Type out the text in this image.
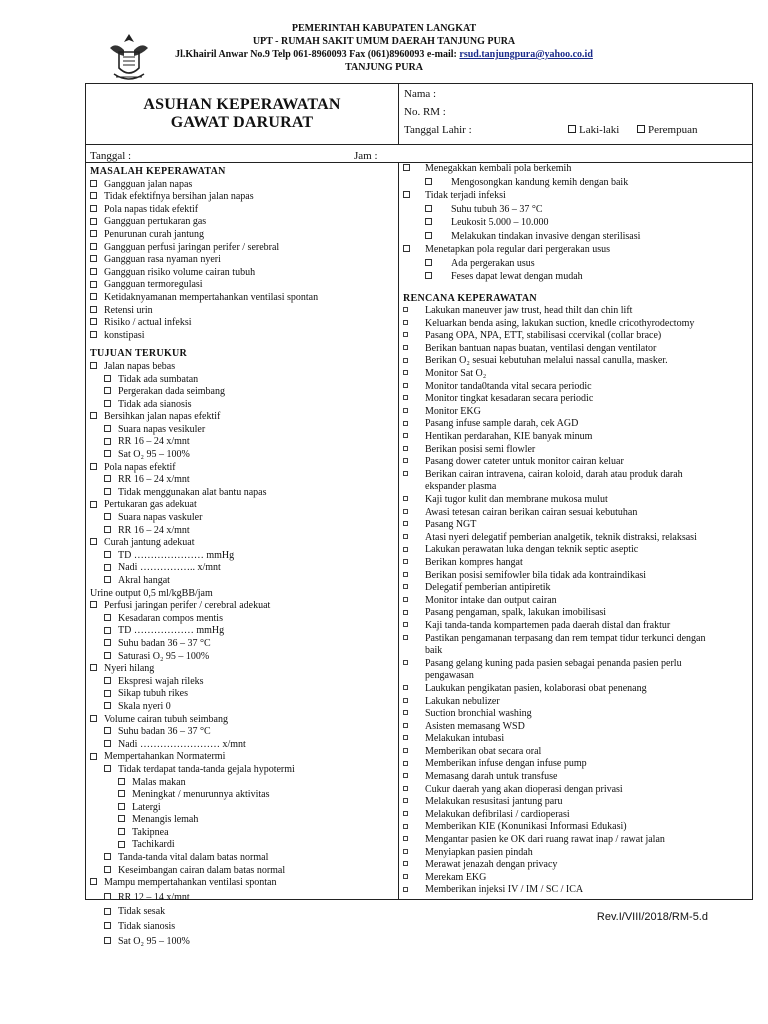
PEMERINTAH KABUPATEN LANGKAT
UPT - RUMAH SAKIT UMUM DAERAH TANJUNG PURA
Jl.Khairil Anwar No.9 Telp 061-8960093 Fax (061)8960093 e-mail: rsud.tanjungpura@yahoo.co.id
TANJUNG PURA
ASUHAN KEPERAWATAN
GAWAT DARURAT
Nama :
No. RM :
Tanggal Lahir :	Laki-laki	Perempuan
Tanggal :	Jam :
MASALAH KEPERAWATAN
Gangguan jalan napas
Tidak efektifnya bersihan jalan napas
Pola napas tidak efektif
Gangguan pertukaran gas
Penurunan curah jantung
Gangguan perfusi jaringan perifer / serebral
Gangguan rasa nyaman nyeri
Gangguan risiko volume cairan tubuh
Gangguan termoregulasi
Ketidaknyamanan mempertahankan ventilasi spontan
Retensi urin
Risiko / actual infeksi
konstipasi
TUJUAN TERUKUR
Jalan napas bebas
Tidak ada sumbatan
Pergerakan dada seimbang
Tidak ada sianosis
Bersihkan jalan napas efektif
Suara napas vesikuler
RR 16 – 24 x/mnt
Sat O₂ 95 – 100%
Pola napas efektif
RR 16 – 24 x/mnt
Tidak menggunakan alat bantu napas
Pertukaran gas adekuat
Suara napas vaskuler
RR 16 – 24 x/mnt
Curah jantung adekuat
TD ………………… mmHg
Nadi …………….. x/mnt
Akral hangat
Urine output 0,5 ml/kgBB/jam
Perfusi jaringan perifer / cerebral adekuat
Kesadaran compos mentis
TD ……………… mmHg
Suhu badan 36 – 37 °C
Saturasi O₂ 95 – 100%
Nyeri hilang
Ekspresi wajah rileks
Sikap tubuh rikes
Skala nyeri 0
Volume cairan tubuh seimbang
Suhu badan 36 – 37 °C
Nadi …………………… x/mnt
Mempertahankan Normatermi
Tidak terdapat tanda-tanda gejala hypotermi
Malas makan
Meningkat / menurunnya aktivitas
Latergi
Menangis lemah
Takipnea
Tachikardi
Tanda-tanda vital dalam batas normal
Keseimbangan cairan dalam batas normal
Mampu mempertahankan ventilasi spontan
RR 12 – 14 x/mnt
Tidak sesak
Tidak sianosis
Sat O₂ 95 – 100%
Menegakkan kembali pola berkemih
Mengosongkan kandung kemih dengan baik
Tidak terjadi infeksi
Suhu tubuh 36 – 37 °C
Leukosit 5.000 – 10.000
Melakukan tindakan invasive dengan sterilisasi
Menetapkan pola regular dari pergerakan usus
Ada pergerakan usus
Feses dapat lewat dengan mudah
RENCANA KEPERAWATAN
Lakukan maneuver jaw trust, head thilt dan chin lift
Keluarkan benda asing, lakukan suction, knedle cricothyrodectomy
Pasang OPA, NPA, ETT, stabilisasi ccervikal (collar brace)
Berikan bantuan napas buatan, ventilasi dengan ventilator
Berikan O₂ sesuai kebutuhan melalui nassal canulla, masker.
Monitor Sat O₂
Monitor tanda0tanda vital secara periodic
Monitor tingkat kesadaran secara periodic
Monitor EKG
Pasang infuse sample darah, cek AGD
Hentikan perdarahan, KIE banyak minum
Berikan posisi semi flowler
Pasang dower cateter untuk monitor cairan keluar
Berikan cairan intravena, cairan koloid, darah atau produk darah ekspander plasma
Kaji tugor kulit dan membrane mukosa mulut
Awasi tetesan cairan berikan cairan sesuai kebutuhan
Pasang NGT
Atasi nyeri delegatif pemberian analgetik, teknik distraksi, relaksasi
Lakukan perawatan luka dengan teknik septic aseptic
Berikan kompres hangat
Berikan posisi semifowler bila tidak ada kontraindikasi
Delegatif pemberian antipiretik
Monitor intake dan output cairan
Pasang pengaman, spalk, lakukan imobilisasi
Kaji tanda-tanda kompartemen pada daerah distal dan fraktur
Pastikan pengamanan terpasang dan rem tempat tidur terkunci dengan baik
Pasang gelang kuning pada pasien sebagai penanda pasien perlu pengawasan
Laukukan pengikatan pasien, kolaborasi obat penenang
Lakukan nebulizer
Suction bronchial washing
Asisten memasang WSD
Melakukan intubasi
Memberikan obat secara oral
Memberikan infuse dengan infuse pump
Memasang darah untuk transfuse
Cukur daerah yang akan dioperasi dengan privasi
Melakukan resusitasi jantung paru
Melakukan defibrilasi / cardioperasi
Memberikan KIE (Konunikasi Informasi Edukasi)
Mengantar pasien ke OK dari ruang rawat inap / rawat jalan
Menyiapkan pasien pindah
Merawat jenazah dengan privacy
Merekam EKG
Memberikan injeksi IV / IM / SC / ICA
Rev.I/VIII/2018/RM-5.d
